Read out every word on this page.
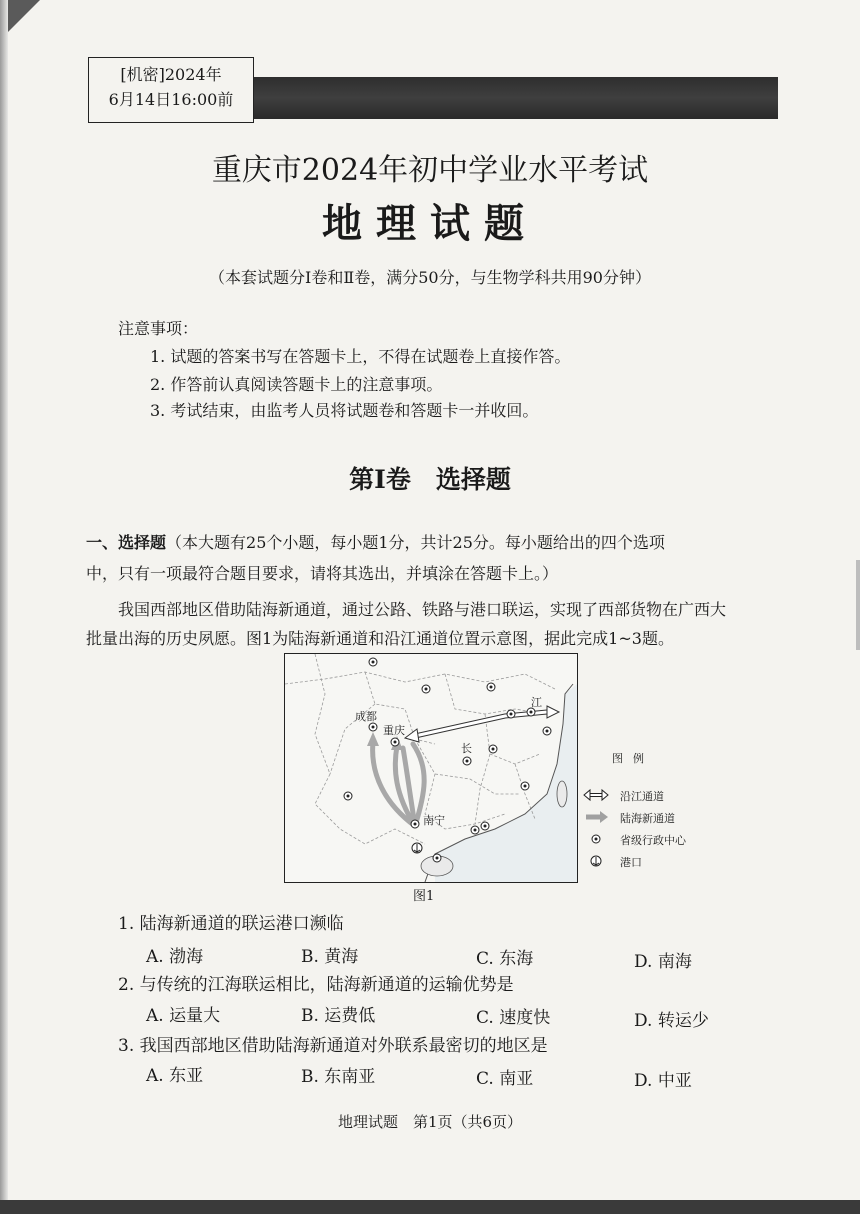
[机密]2024年
6月14日16:00前
重庆市2024年初中学业水平考试
地理试题
（本套试题分Ⅰ卷和Ⅱ卷，满分50分，与生物学科共用90分钟）
注意事项：
1. 试题的答案书写在答题卡上，不得在试题卷上直接作答。
2. 作答前认真阅读答题卡上的注意事项。
3. 考试结束，由监考人员将试题卷和答题卡一并收回。
第Ⅰ卷　选择题
一、选择题（本大题有25个小题，每小题1分，共计25分。每小题给出的四个选项
中，只有一项最符合题目要求，请将其选出，并填涂在答题卡上。）
我国西部地区借助陆海新通道，通过公路、铁路与港口联运，实现了西部货物在广西大
批量出海的历史夙愿。图1为陆海新通道和沿江通道位置示意图，据此完成1~3题。
成都
重庆
南宁
江
长
图1
图例
沿江通道
陆海新通道
省级行政中心
港口
1. 陆海新通道的联运港口濒临
A. 渤海	B. 黄海	C. 东海	D. 南海
2. 与传统的江海联运相比，陆海新通道的运输优势是
A. 运量大	B. 运费低	C. 速度快	D. 转运少
3. 我国西部地区借助陆海新通道对外联系最密切的地区是
A. 东亚	B. 东南亚	C. 南亚	D. 中亚
地理试题　第1页（共6页）
